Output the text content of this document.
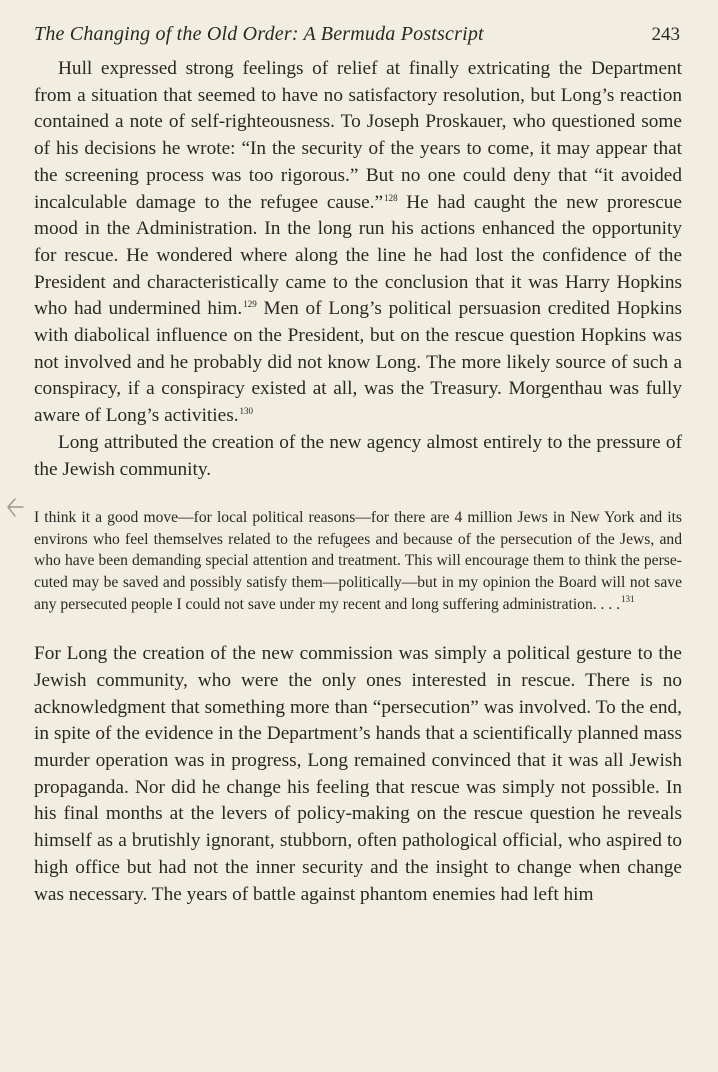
The Changing of the Old Order: A Bermuda Postscript	243

Hull expressed strong feelings of relief at finally extricating the Department from a situation that seemed to have no satisfactory resolution, but Long’s reaction contained a note of self-righteousness. To Joseph Proskauer, who questioned some of his decisions he wrote: “In the security of the years to come, it may appear that the screening process was too rigorous.” But no one could deny that “it avoided incalculable damage to the refugee cause.”$^{128}$ He had caught the new prorescue mood in the Administration. In the long run his actions enhanced the opportunity for rescue. He wondered where along the line he had lost the confidence of the President and characteristically came to the conclusion that it was Harry Hopkins who had undermined him.$^{129}$ Men of Long’s political persuasion credited Hopkins with diabolical influence on the President, but on the rescue question Hopkins was not involved and he probably did not know Long. The more likely source of such a conspiracy, if a conspiracy existed at all, was the Treasury. Morgenthau was fully aware of Long’s activities.$^{130}$

Long attributed the creation of the new agency almost entirely to the pressure of the Jewish community.

I think it a good move—for local political reasons—for there are 4 million Jews in New York and its environs who feel themselves related to the refugees and because of the persecution of the Jews, and who have been demanding special attention and treatment. This will encourage them to think the persecuted may be saved and possibly satisfy them—politically—but in my opinion the Board will not save any persecuted people I could not save under my recent and long suffering administration. . . .$^{131}$

For Long the creation of the new commission was simply a political gesture to the Jewish community, who were the only ones interested in rescue. There is no acknowledgment that something more than “persecution” was involved. To the end, in spite of the evidence in the Department’s hands that a scientifically planned mass murder operation was in progress, Long remained convinced that it was all Jewish propaganda. Nor did he change his feeling that rescue was simply not possible. In his final months at the levers of policy-making on the rescue question he reveals himself as a brutishly ignorant, stubborn, often pathological official, who aspired to high office but had not the inner security and the insight to change when change was necessary. The years of battle against phantom enemies had left him
